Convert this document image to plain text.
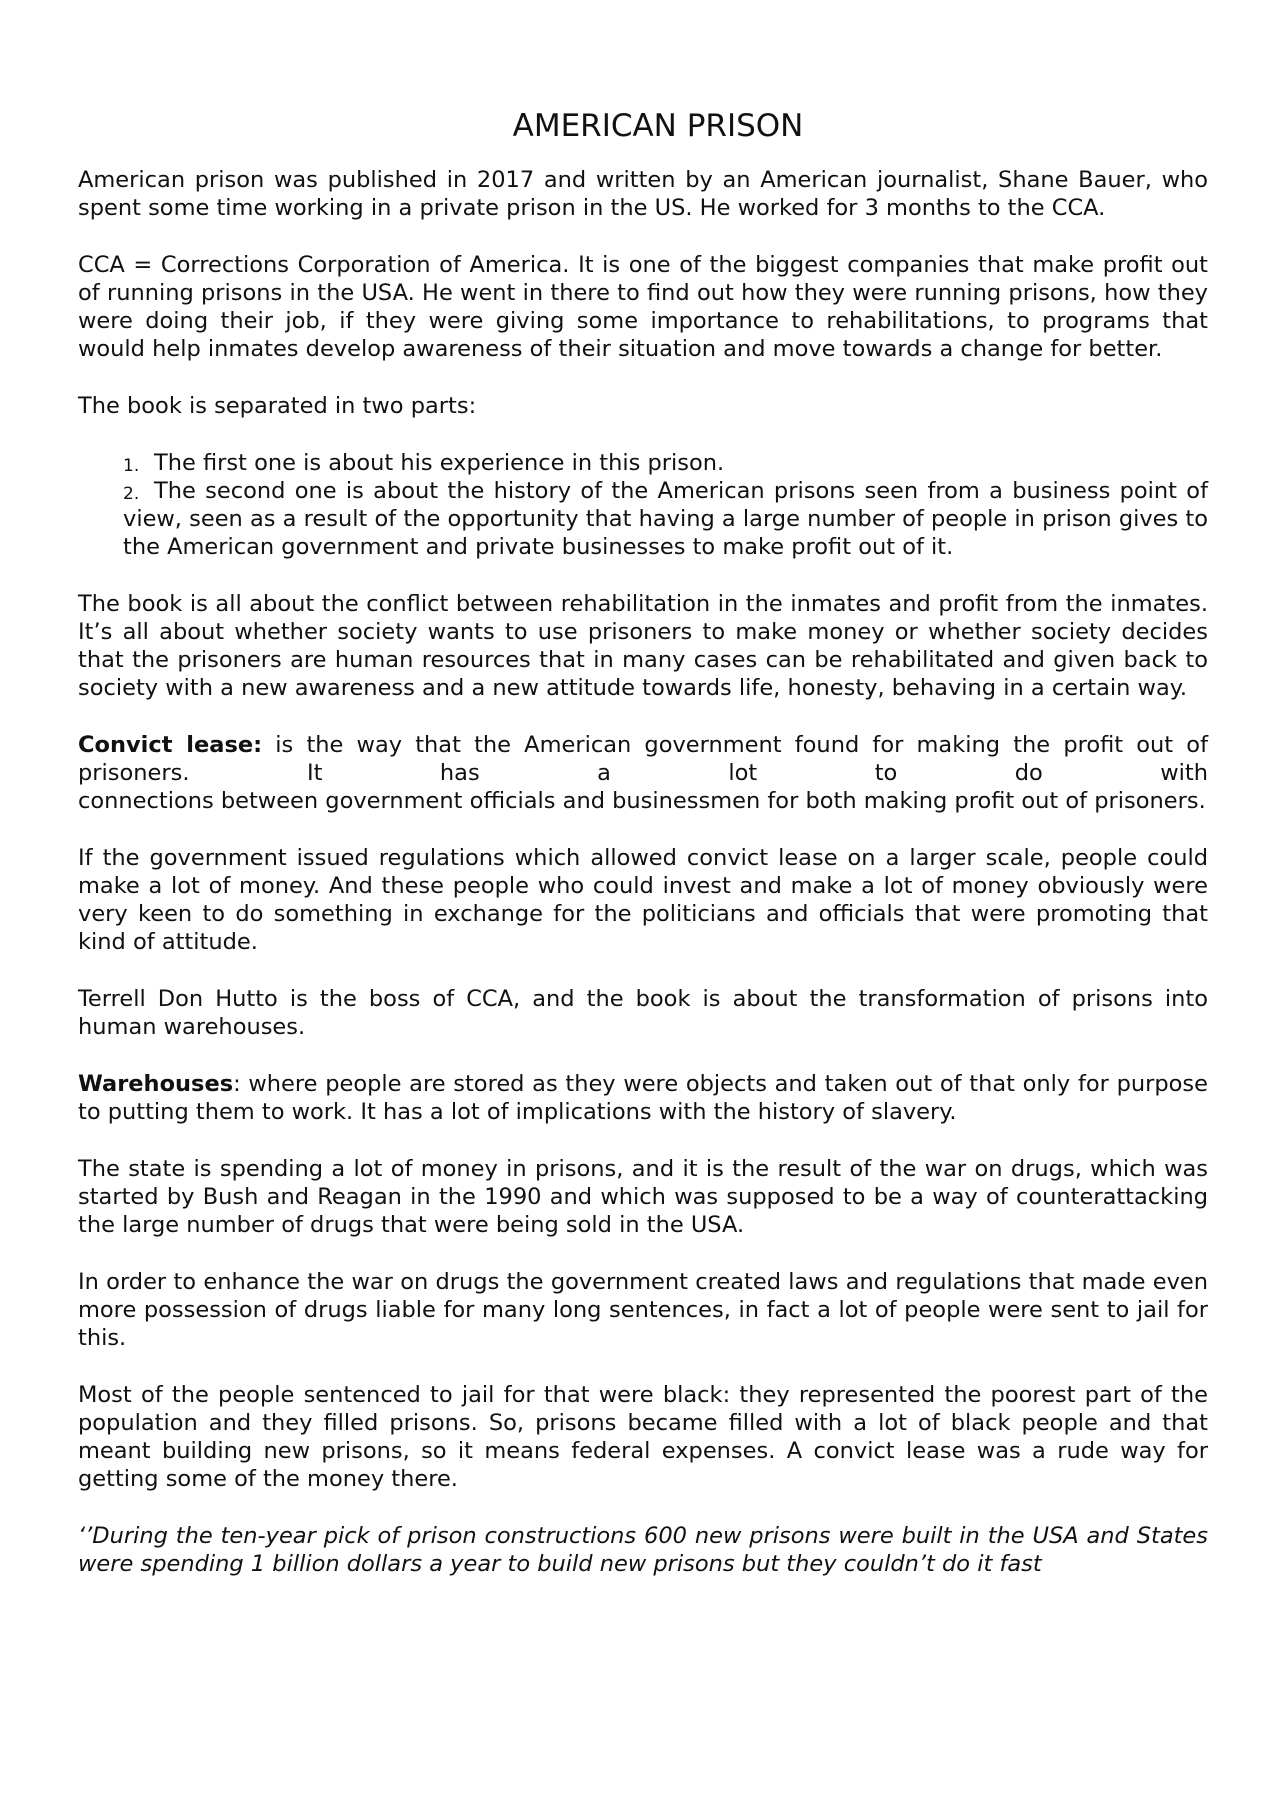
AMERICAN PRISON

American prison was published in 2017 and written by an American journalist, Shane Bauer, who spent some time working in a private prison in the US. He worked for 3 months to the CCA.

CCA = Corrections Corporation of America. It is one of the biggest companies that make profit out of running prisons in the USA. He went in there to find out how they were running prisons, how they were doing their job, if they were giving some importance to rehabilitations, to programs that would help inmates develop awareness of their situation and move towards a change for better.

The book is separated in two parts:

1. The first one is about his experience in this prison.
2. The second one is about the history of the American prisons seen from a business point of view, seen as a result of the opportunity that having a large number of people in prison gives to the American government and private businesses to make profit out of it.

The book is all about the conflict between rehabilitation in the inmates and profit from the inmates. It’s all about whether society wants to use prisoners to make money or whether society decides that the prisoners are human resources that in many cases can be rehabilitated and given back to society with a new awareness and a new attitude towards life, honesty, behaving in a certain way.

Convict lease: is the way that the American government found for making the profit out of prisoners. It has a lot to do with
connections between government officials and businessmen for both making profit out of prisoners.

If the government issued regulations which allowed convict lease on a larger scale, people could make a lot of money. And these people who could invest and make a lot of money obviously were very keen to do something in exchange for the politicians and officials that were promoting that kind of attitude.

Terrell Don Hutto is the boss of CCA, and the book is about the transformation of prisons into human warehouses.

Warehouses: where people are stored as they were objects and taken out of that only for purpose to putting them to work. It has a lot of implications with the history of slavery.

The state is spending a lot of money in prisons, and it is the result of the war on drugs, which was started by Bush and Reagan in the 1990 and which was supposed to be a way of counterattacking the large number of drugs that were being sold in the USA.

In order to enhance the war on drugs the government created laws and regulations that made even more possession of drugs liable for many long sentences, in fact a lot of people were sent to jail for this.

Most of the people sentenced to jail for that were black: they represented the poorest part of the population and they filled prisons. So, prisons became filled with a lot of black people and that meant building new prisons, so it means federal expenses. A convict lease was a rude way for getting some of the money there.

‘’During the ten-year pick of prison constructions 600 new prisons were built in the USA and States were spending 1 billion dollars a year to build new prisons but they couldn’t do it fast
